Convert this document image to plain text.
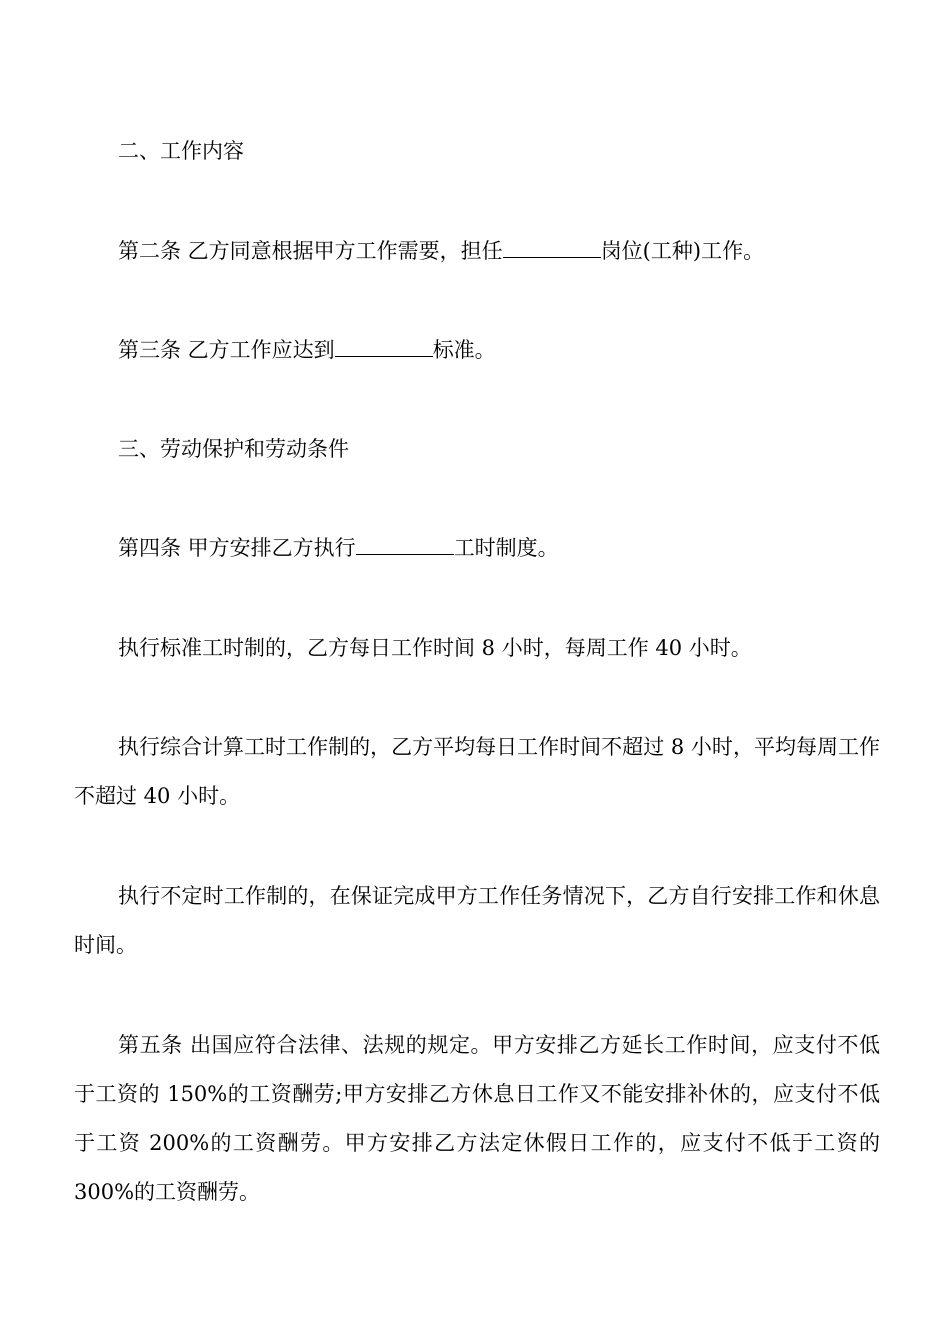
二、工作内容

第二条 乙方同意根据甲方工作需要，担任	岗位(工种)工作。

第三条 乙方工作应达到	标准。

三、劳动保护和劳动条件

第四条 甲方安排乙方执行	工时制度。

执行标准工时制的，乙方每日工作时间 8 小时，每周工作 40 小时。

执行综合计算工时工作制的，乙方平均每日工作时间不超过 8 小时，平均每周工作不超过 40 小时。

执行不定时工作制的，在保证完成甲方工作任务情况下，乙方自行安排工作和休息时间。

第五条 出国应符合法律、法规的规定。甲方安排乙方延长工作时间，应支付不低于工资的 150%的工资酬劳;甲方安排乙方休息日工作又不能安排补休的，应支付不低于工资 200%的工资酬劳。甲方安排乙方法定休假日工作的，应支付不低于工资的 300%的工资酬劳。
